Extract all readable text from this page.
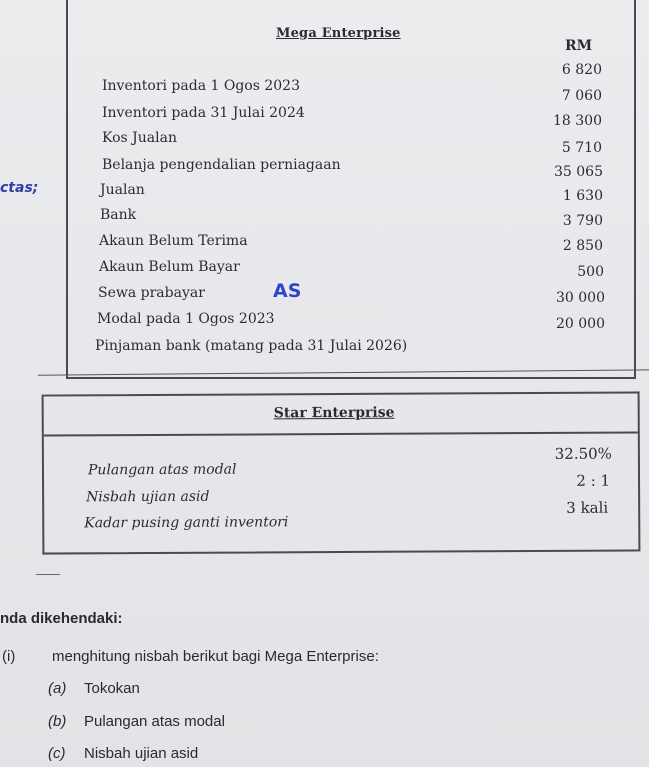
Mega Enterprise
RM
Inventori pada 1 Ogos 2023
Inventori pada 31 Julai 2024
Kos Jualan
Belanja pengendalian perniagaan
Jualan
Bank
Akaun Belum Terima
Akaun Belum Bayar
Sewa prabayar
Modal pada 1 Ogos 2023
Pinjaman bank (matang pada 31 Julai 2026)
6 820
7 060
18 300
5 710
35 065
1 630
3 790
2 850
500
30 000
20 000
AS
ctas;
Star Enterprise
Pulangan atas modal
Nisbah ujian asid
Kadar pusing ganti inventori
32.50%
2 : 1
3 kali
nda dikehendaki:
(i) menghitung nisbah berikut bagi Mega Enterprise:
(a) Tokokan
(b) Pulangan atas modal
(c) Nisbah ujian asid
